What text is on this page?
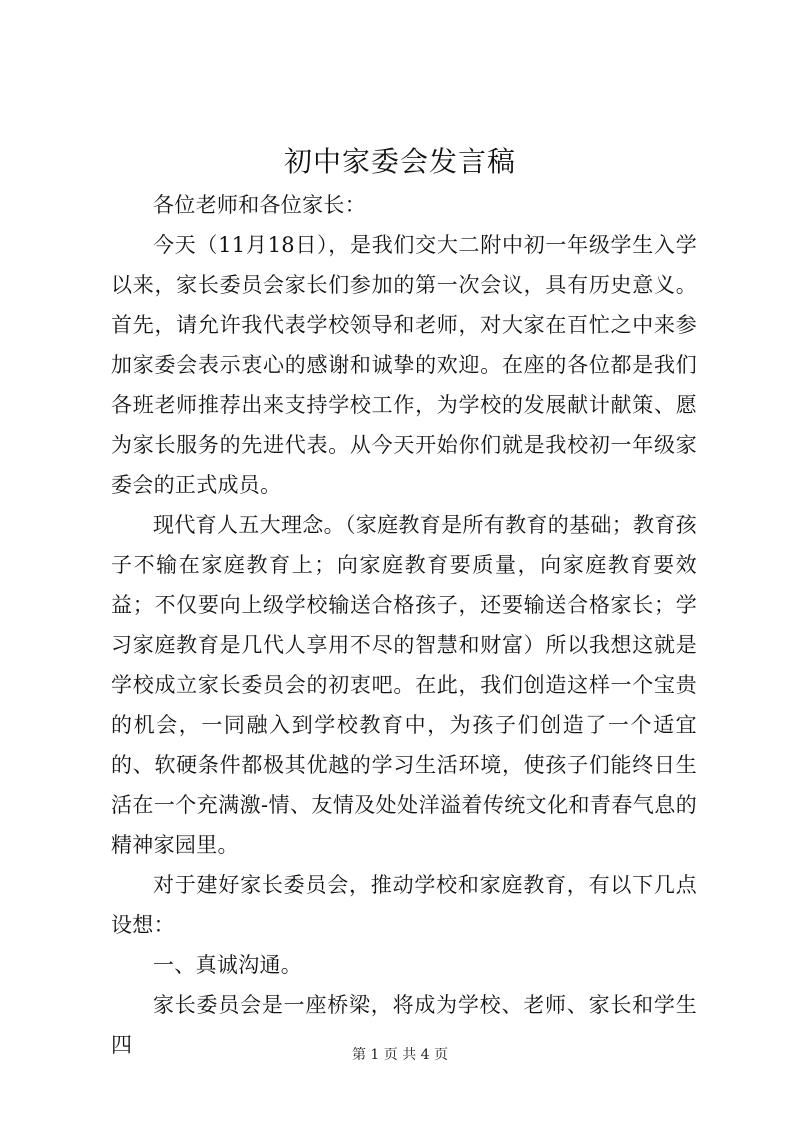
初中家委会发言稿

各位老师和各位家长：

今天（11月18日），是我们交大二附中初一年级学生入学以来，家长委员会家长们参加的第一次会议，具有历史意义。首先，请允许我代表学校领导和老师，对大家在百忙之中来参加家委会表示衷心的感谢和诚挚的欢迎。在座的各位都是我们各班老师推荐出来支持学校工作，为学校的发展献计献策、愿为家长服务的先进代表。从今天开始你们就是我校初一年级家委会的正式成员。

现代育人五大理念。（家庭教育是所有教育的基础；教育孩子不输在家庭教育上；向家庭教育要质量，向家庭教育要效益；不仅要向上级学校输送合格孩子，还要输送合格家长；学习家庭教育是几代人享用不尽的智慧和财富）所以我想这就是学校成立家长委员会的初衷吧。在此，我们创造这样一个宝贵的机会，一同融入到学校教育中，为孩子们创造了一个适宜的、软硬条件都极其优越的学习生活环境，使孩子们能终日生活在一个充满激-情、友情及处处洋溢着传统文化和青春气息的精神家园里。

对于建好家长委员会，推动学校和家庭教育，有以下几点设想：

一、真诚沟通。

家长委员会是一座桥梁，将成为学校、老师、家长和学生四	第 1 页 共 4 页
